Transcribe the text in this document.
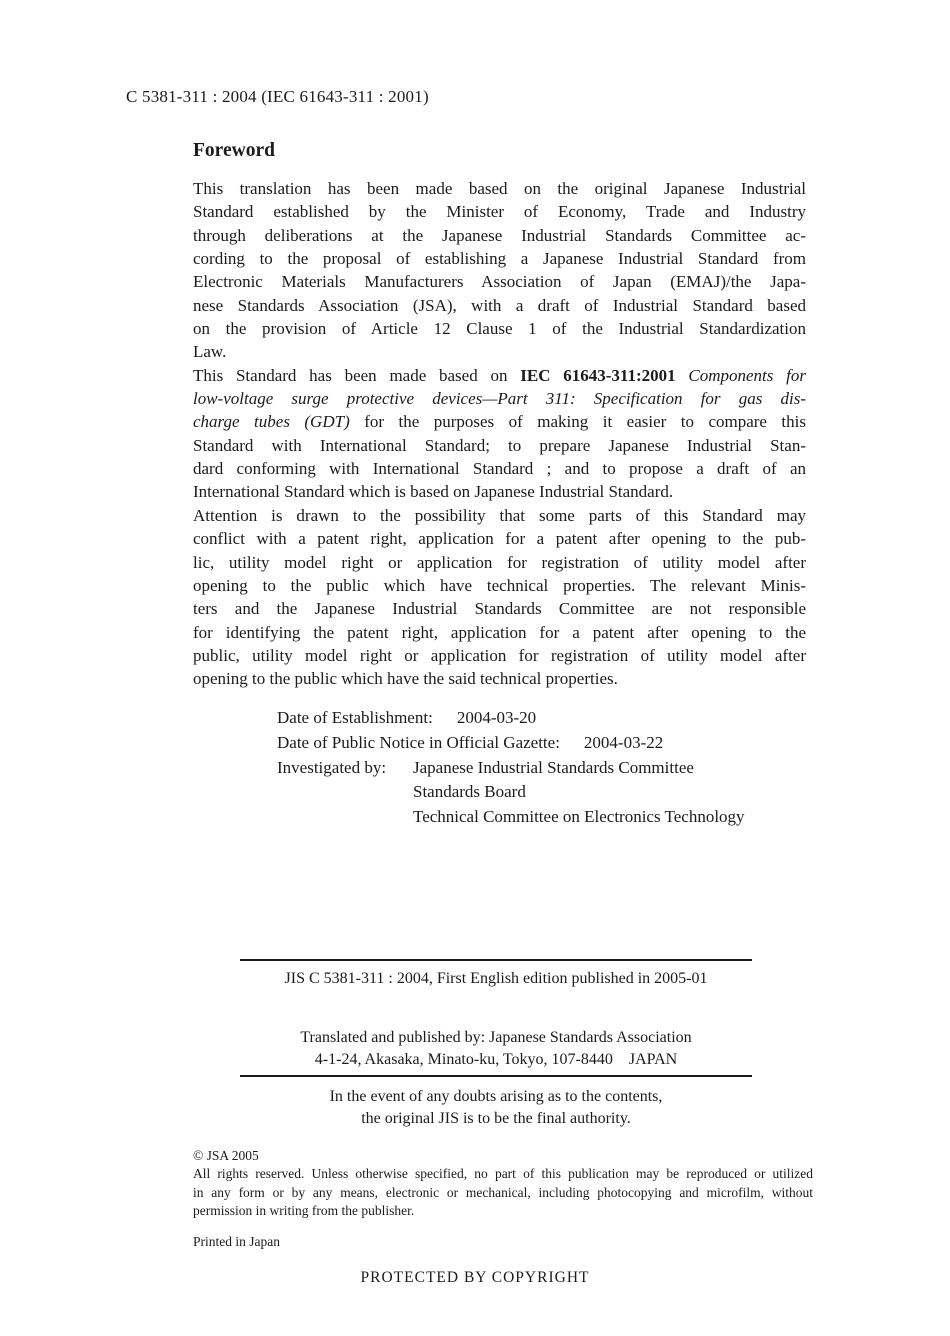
C 5381-311 : 2004 (IEC 61643-311 : 2001)
Foreword
This translation has been made based on the original Japanese Industrial
Standard established by the Minister of Economy, Trade and Industry
through deliberations at the Japanese Industrial Standards Committee ac-
cording to the proposal of establishing a Japanese Industrial Standard from
Electronic Materials Manufacturers Association of Japan (EMAJ)/the Japa-
nese Standards Association (JSA), with a draft of Industrial Standard based
on the provision of Article 12 Clause 1 of the Industrial Standardization
Law.
This Standard has been made based on IEC 61643-311:2001 Components for
low-voltage surge protective devices—Part 311: Specification for gas dis-
charge tubes (GDT) for the purposes of making it easier to compare this
Standard with International Standard; to prepare Japanese Industrial Stan-
dard conforming with International Standard ; and to propose a draft of an
International Standard which is based on Japanese Industrial Standard.
Attention is drawn to the possibility that some parts of this Standard may
conflict with a patent right, application for a patent after opening to the pub-
lic, utility model right or application for registration of utility model after
opening to the public which have technical properties. The relevant Minis-
ters and the Japanese Industrial Standards Committee are not responsible
for identifying the patent right, application for a patent after opening to the
public, utility model right or application for registration of utility model after
opening to the public which have the said technical properties.
Date of Establishment: 2004-03-20
Date of Public Notice in Official Gazette: 2004-03-22
Investigated by:	Japanese Industrial Standards Committee
Standards Board
Technical Committee on Electronics Technology
JIS C 5381-311 : 2004, First English edition published in 2005-01
Translated and published by: Japanese Standards Association
4-1-24, Akasaka, Minato-ku, Tokyo, 107-8440 JAPAN
In the event of any doubts arising as to the contents,
the original JIS is to be the final authority.
© JSA 2005
All rights reserved. Unless otherwise specified, no part of this publication may be reproduced or utilized
in any form or by any means, electronic or mechanical, including photocopying and microfilm, without
permission in writing from the publisher.
Printed in Japan
PROTECTED BY COPYRIGHT
